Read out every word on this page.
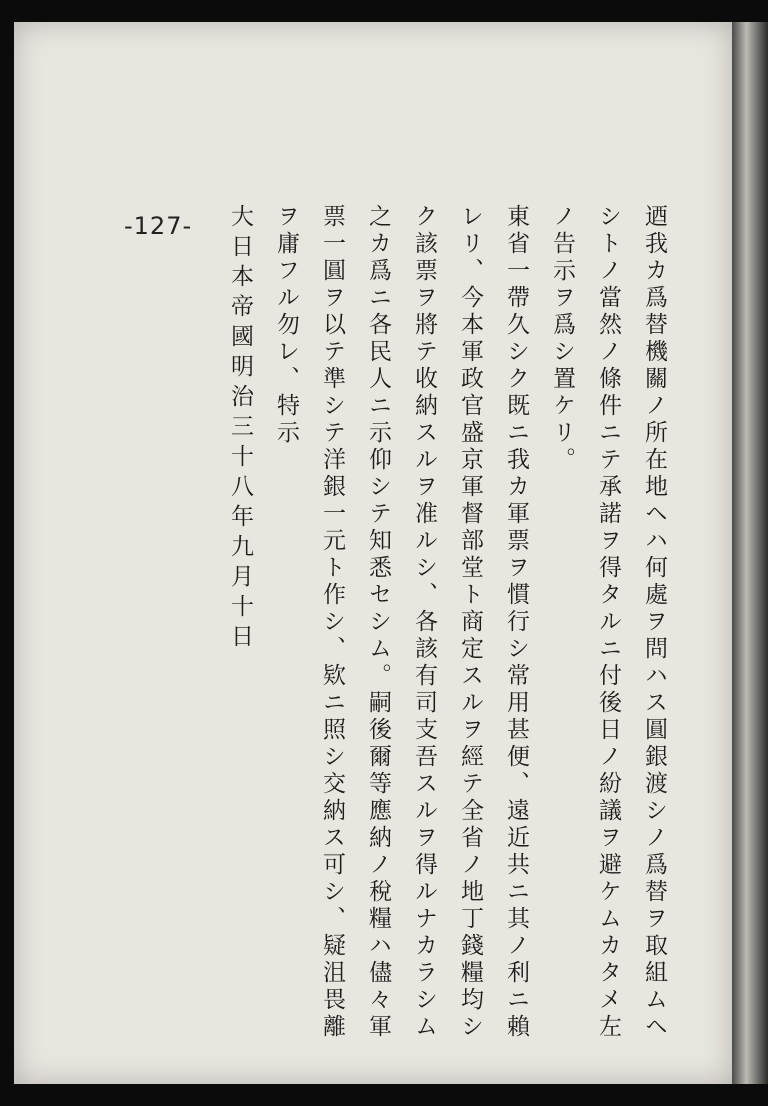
-127-	迺我カ爲替機關ノ所在地ヘハ何處ヲ問ハス圓銀渡シノ爲替ヲ取組ムヘ
シトノ當然ノ條件ニテ承諾ヲ得タルニ付後日ノ紛議ヲ避ケムカタメ左
ノ告示ヲ爲シ置ケリ。
東省一帶久シク既ニ我カ軍票ヲ慣行シ常用甚便、遠近共ニ其ノ利ニ賴
レリ、今本軍政官盛京軍督部堂ト商定スルヲ經テ全省ノ地丁錢糧均シ
ク該票ヲ將テ收納スルヲ准ルシ、各該有司支吾スルヲ得ルナカラシム
之カ爲ニ各民人ニ示仰シテ知悉セシム。嗣後爾等應納ノ稅糧ハ儘々軍
票一圓ヲ以テ準シテ洋銀一元ト作シ、欵ニ照シ交納ス可シ、疑沮畏離
ヲ庸フル勿レ、特示
大日本帝國明治三十八年九月十日
